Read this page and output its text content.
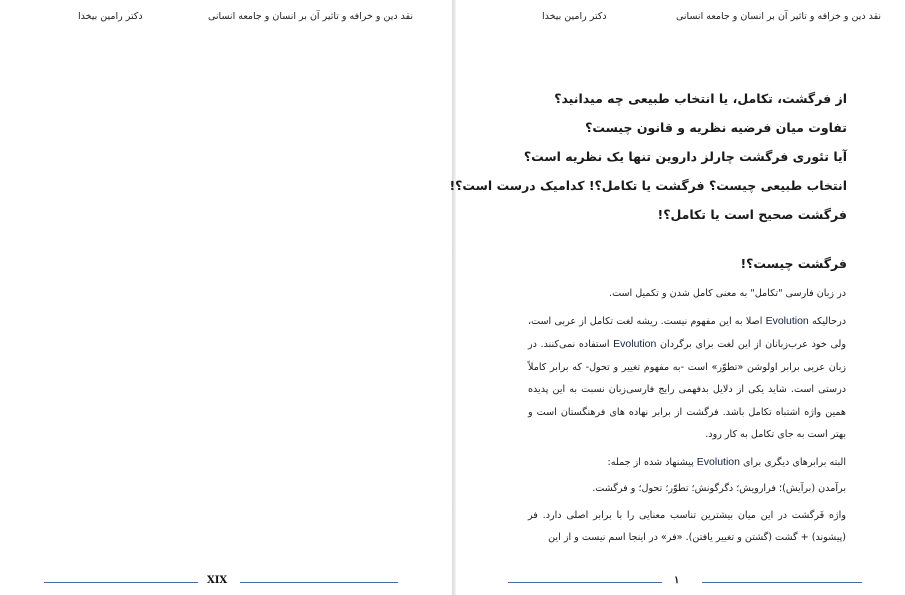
نقد دین و خرافه و تاثیر آن بر انسان و جامعه انسانی
دکتر رامین بیخدا
XIX
نقد دین و خرافه و تاثیر آن بر انسان و جامعه انسانی
دکتر رامین بیخدا
از فرگشت، تکامل، یا انتخاب طبیعی چه میدانید؟
تفاوت میان فرضیه نظریه و قانون چیست؟
آیا تئوری فرگشت چارلز داروین تنها یک نظریه است؟
انتخاب طبیعی چیست؟ فرگشت یا تکامل؟! کدامیک درست است؟!
فرگشت صحیح است یا تکامل؟!
فرگشت چیست؟!

در زبان فارسی "تکامل" به معنی کامل شدن و تکمیل است.

درحالیکه Evolution اصلا به این مفهوم نیست. ریشه لغت تکامل از عربی است، ولی خود عرب‌زبانان از این لغت برای برگردان Evolution استفاده نمی‌کنند. در زبان عربی برابر اولوشن «تطوّر» است -به مفهوم تغییر و تحول- که برابر کاملاً درستی است. شاید یکی از دلایل بدفهمی رایج فارسی‌زبان نسبت به این پدیده همین واژه اشتباه تکامل باشد. فرگشت از برابر نهاده های فرهنگستان است و بهتر است به جای تکامل به کار رود.

البته برابرهای دیگری برای Evolution پیشنهاد شده از جمله:

برآمدن (برآیش)؛ فرارویش؛ دگرگونش؛ تطوّر؛ تحول؛ و فرگشت.

واژه فَرگشت در این میان بیشترین تناسب معنایی را با برابر اصلی دارد. فر (پیشوند) + گشت (گشتن و تغییر یافتن). «فر» در اینجا اسم نیست و از این

۱
